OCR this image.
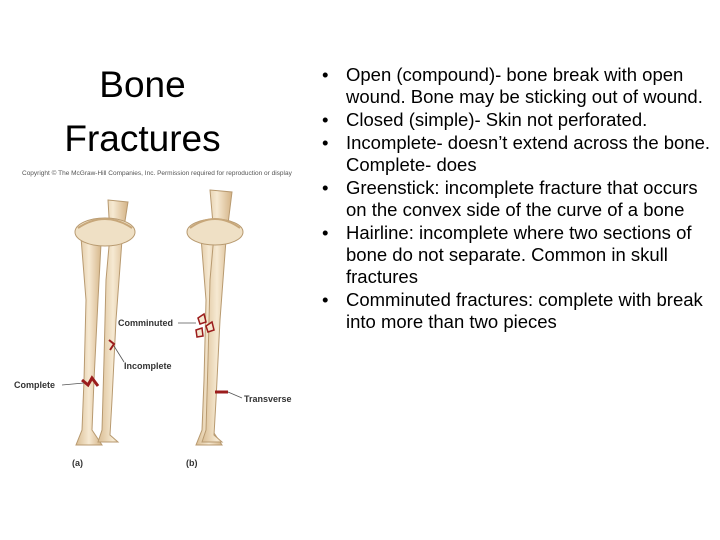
Bone
Fractures
Copyright © The McGraw-Hill Companies, Inc. Permission required for reproduction or display
Comminuted
Incomplete
Complete
Transverse
(a)	(b)
• Open (compound)- bone break with open wound. Bone may be sticking out of wound.
• Closed (simple)- Skin not perforated.
• Incomplete- doesn’t extend across the bone. Complete- does
• Greenstick: incomplete fracture that occurs on the convex side of the curve of a bone
• Hairline: incomplete where two sections of bone do not separate. Common in skull fractures
• Comminuted fractures: complete with break into more than two pieces
